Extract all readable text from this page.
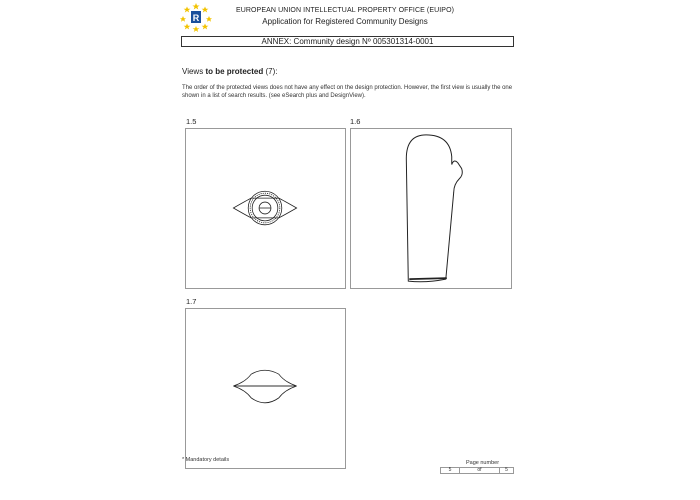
R
EUROPEAN UNION INTELLECTUAL PROPERTY OFFICE (EUIPO)
Application for Registered Community Designs
ANNEX: Community design Nº 005301314-0001
Views to be protected (7):
The order of the protected views does not have any effect on the design protection. However, the first view is usually the one shown in a list of search results. (see eSearch plus and DesignView).
1.5	1.6
1.7
* Mandatory details	Page number
5	of	5
